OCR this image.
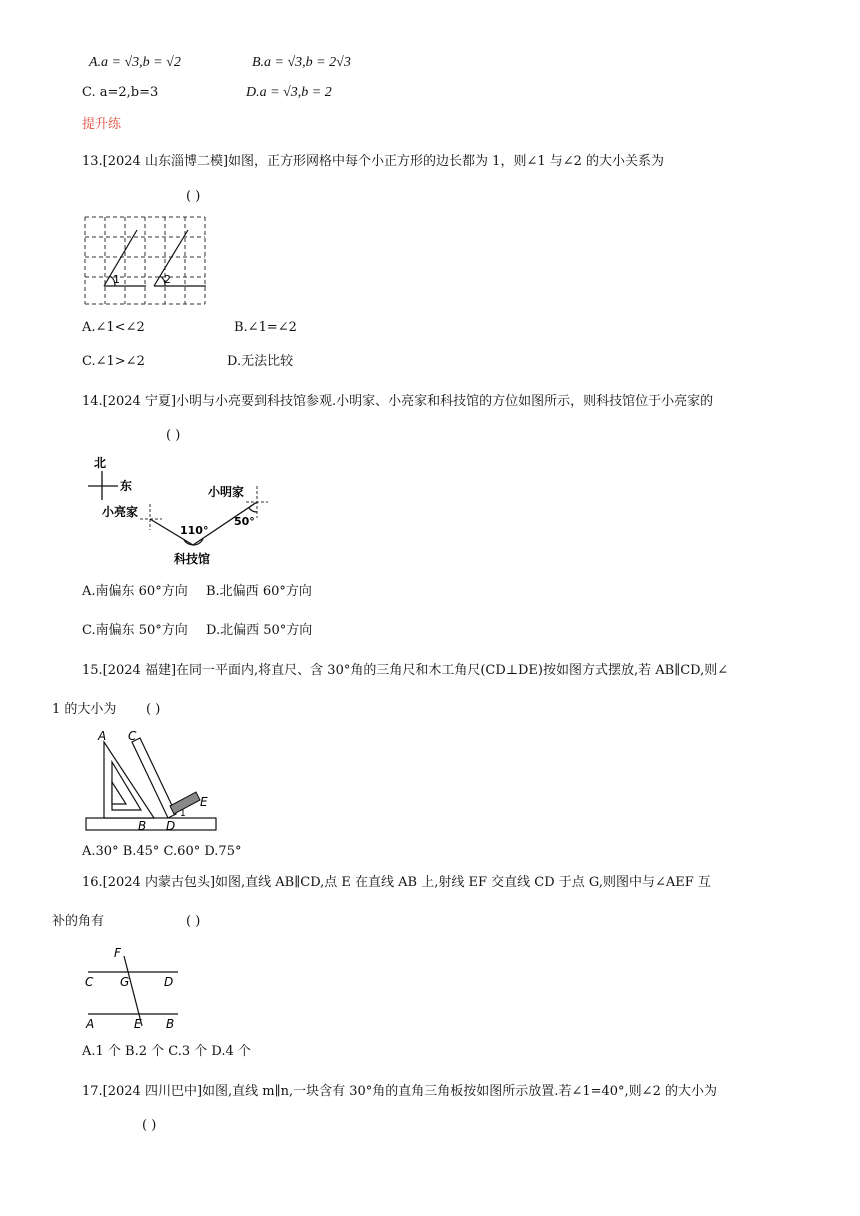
A.a = √3,b = √2	B.a = √3,b = 2√3
C. a=2,b=3	D.a = √3,b = 2
提升练
13.[2024 山东淄博二模]如图，正方形网格中每个小正方形的边长都为 1，则∠1 与∠2 的大小关系为
( )
1	2
A.∠1<∠2	B.∠1=∠2
C.∠1>∠2	D.无法比较
14.[2024 宁夏]小明与小亮要到科技馆参观.小明家、小亮家和科技馆的方位如图所示，则科技馆位于小亮家的
( )
北
东	小明家
小亮家
科技馆
110°
50°
A.南偏东 60°方向 B.北偏西 60°方向
C.南偏东 50°方向 D.北偏西 50°方向
15.[2024 福建]在同一平面内,将直尺、含 30°角的三角尺和木工角尺(CD⊥DE)按如图方式摆放,若 AB∥CD,则∠
1 的大小为 ( )
A C
E
B D
1
A.30° B.45° C.60° D.75°
16.[2024 内蒙古包头]如图,直线 AB∥CD,点 E 在直线 AB 上,射线 EF 交直线 CD 于点 G,则图中与∠AEF 互
补的角有	( )
F
C G	D
A	E B
A.1 个 B.2 个 C.3 个 D.4 个
17.[2024 四川巴中]如图,直线 m∥n,一块含有 30°角的直角三角板按如图所示放置.若∠1=40°,则∠2 的大小为
( )
